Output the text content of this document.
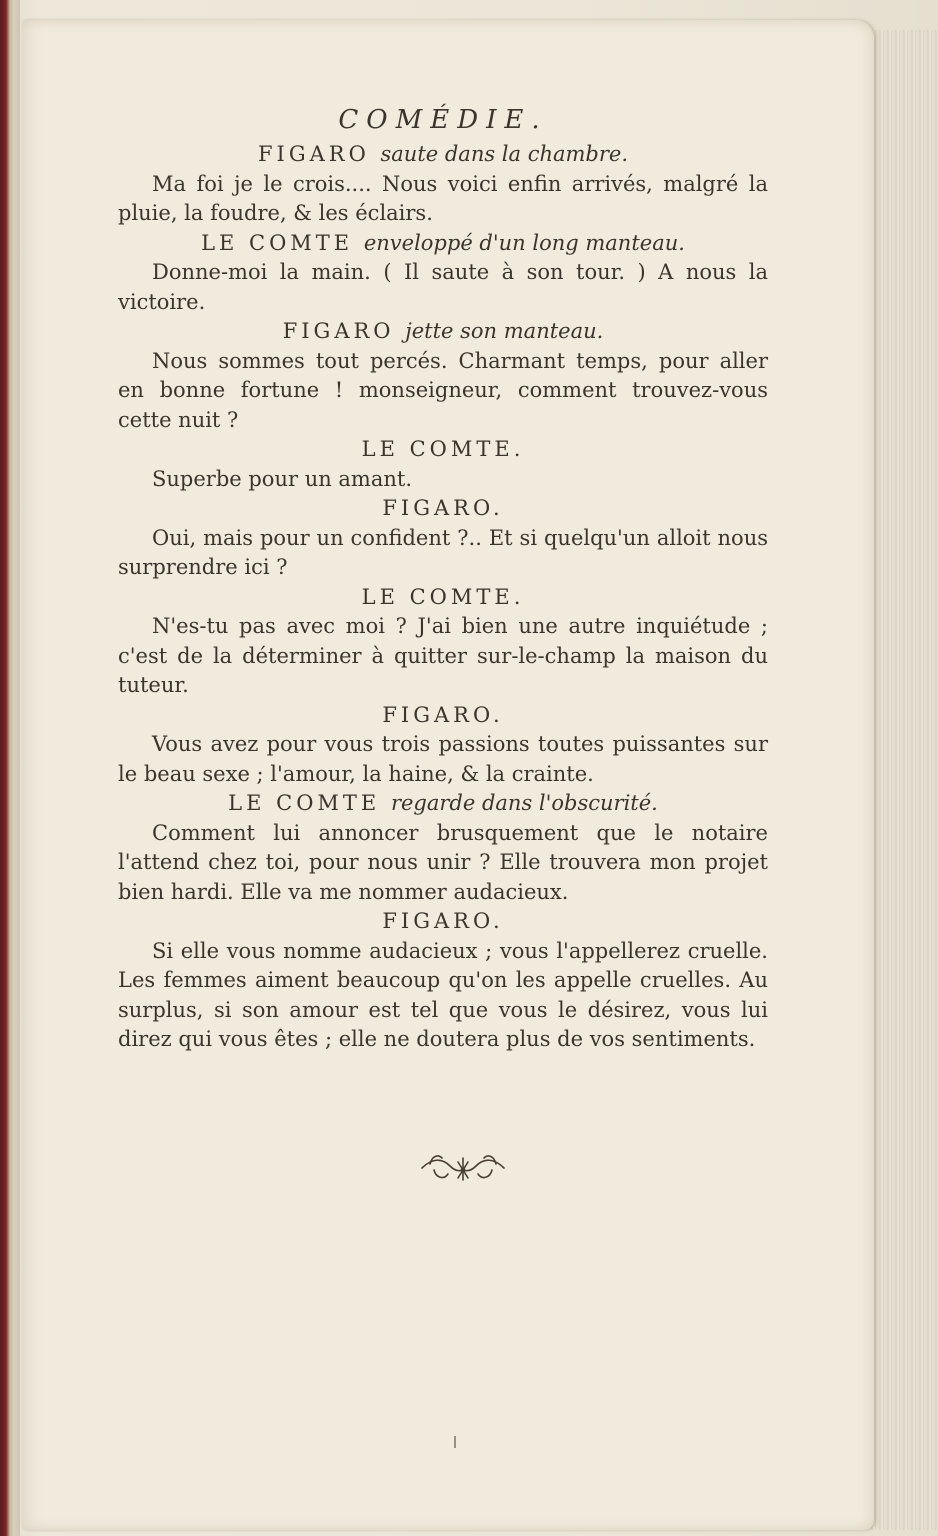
COMÉDIE.
FIGARO saute dans la chambre.
Ma foi je le crois.... Nous voici enfin arrivés, malgré la pluie, la foudre, & les éclairs.
LE COMTE enveloppé d'un long manteau.
Donne-moi la main. ( Il saute à son tour. ) A nous la victoire.
FIGARO jette son manteau.
Nous sommes tout percés. Charmant temps, pour aller en bonne fortune ! monseigneur, comment trouvez-vous cette nuit ?
LE COMTE.
Superbe pour un amant.
FIGARO.
Oui, mais pour un confident ?.. Et si quelqu'un alloit nous surprendre ici ?
LE COMTE.
N'es-tu pas avec moi ? J'ai bien une autre inquiétude ; c'est de la déterminer à quitter sur-le-champ la maison du tuteur.
FIGARO.
Vous avez pour vous trois passions toutes puissantes sur le beau sexe ; l'amour, la haine, & la crainte.
LE COMTE regarde dans l'obscurité.
Comment lui annoncer brusquement que le notaire l'attend chez toi, pour nous unir ? Elle trouvera mon projet bien hardi. Elle va me nommer audacieux.
FIGARO.
Si elle vous nomme audacieux ; vous l'appellerez cruelle. Les femmes aiment beaucoup qu'on les appelle cruelles. Au surplus, si son amour est tel que vous le désirez, vous lui direz qui vous êtes ; elle ne doutera plus de vos sentiments.
